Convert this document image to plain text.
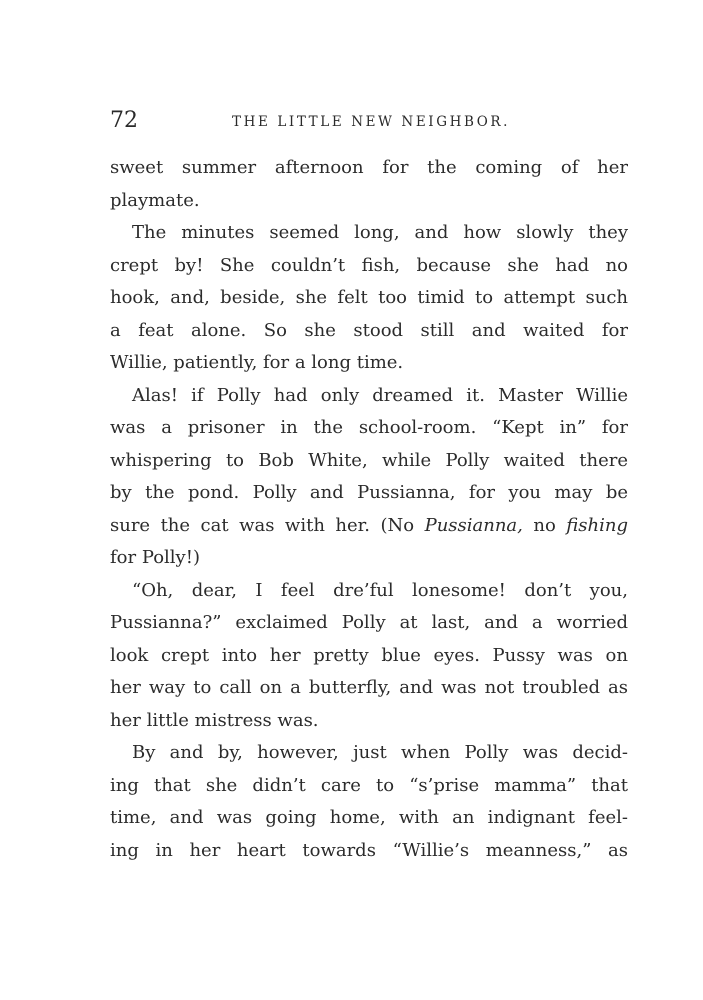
72	THE LITTLE NEW NEIGHBOR.
sweet summer afternoon for the coming of her
playmate.
The minutes seemed long, and how slowly they
crept by! She couldn’t fish, because she had no
hook, and, beside, she felt too timid to attempt such
a feat alone. So she stood still and waited for
Willie, patiently, for a long time.
Alas! if Polly had only dreamed it. Master Willie
was a prisoner in the school-room. “Kept in” for
whispering to Bob White, while Polly waited there
by the pond. Polly and Pussianna, for you may be
sure the cat was with her. (No Pussianna, no fishing
for Polly!)
“Oh, dear, I feel dre’ful lonesome! don’t you,
Pussianna?” exclaimed Polly at last, and a worried
look crept into her pretty blue eyes. Pussy was on
her way to call on a butterfly, and was not troubled as
her little mistress was.
By and by, however, just when Polly was decid-
ing that she didn’t care to “s’prise mamma” that
time, and was going home, with an indignant feel-
ing in her heart towards “Willie’s meanness,” as
